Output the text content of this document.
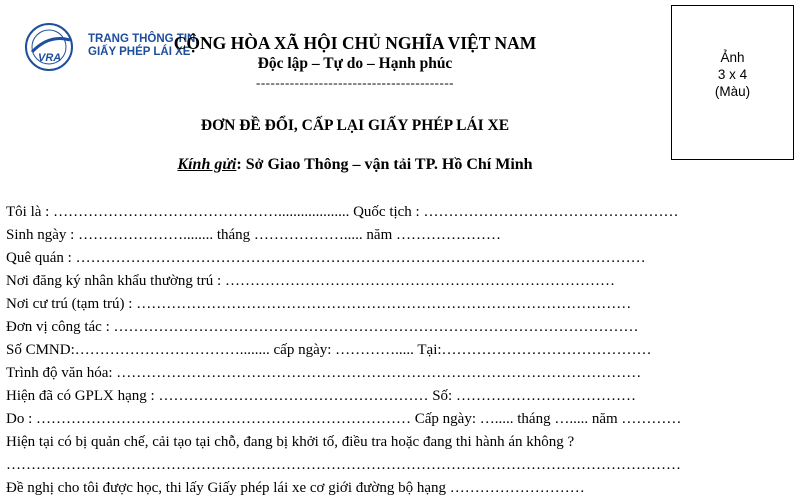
VRA
TRANG THÔNG TIN
GIẤY PHÉP LÁI XE
CỘNG HÒA XÃ HỘI CHỦ NGHĨA VIỆT NAM
Độc lập – Tự do – Hạnh phúc
-----------------------------------------
ĐƠN ĐỀ ĐỔI, CẤP LẠI GIẤY PHÉP LÁI XE
Kính gửi: Sở Giao Thông – vận tải TP. Hồ Chí Minh
Ảnh
3 x 4
(Màu)
Tôi là : ………………………………………................... Quốc tịch : ……………………………………………
Sinh ngày : …………………........ tháng ………………..... năm …………………
Quê quán : ……………………………………………………………………………………………………
Nơi đăng ký nhân khẩu thường trú : ……………………………………………………………………
Nơi cư trú (tạm trú) : ………………………………………………………………………………………
Đơn vị công tác : ……………………………………………………………………………………………
Số CMND:……………………………........ cấp ngày: …………..... Tại:……………………………………
Trình độ văn hóa: ……………………………………………………………………………………………
Hiện đã có GPLX hạng : ……………………………………………… Số: ………………………………
Do : ………………………………………………………………… Cấp ngày: …..... tháng …..... năm …………
Hiện tại có bị quản chế, cải tạo tại chỗ, đang bị khởi tố, điều tra hoặc đang thi hành án không ?
………………………………………………………………………………………………………………………
Đề nghị cho tôi được học, thi lấy Giấy phép lái xe cơ giới đường bộ hạng ………………………
